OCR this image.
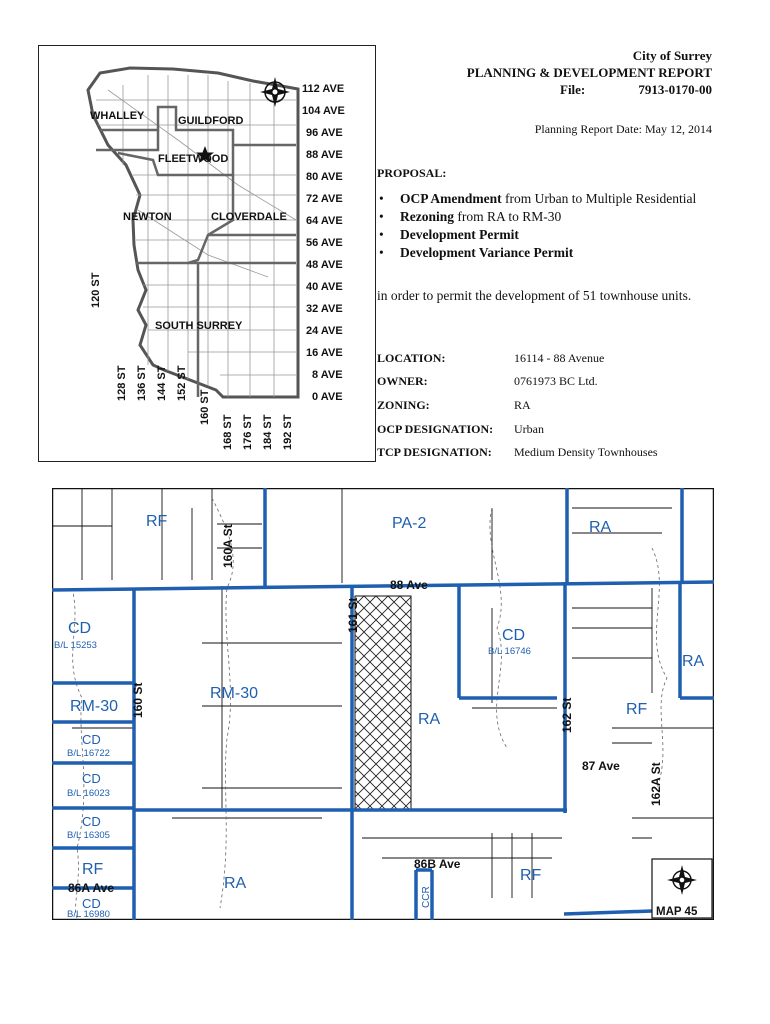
WHALLEY	GUILDFORD
FLEETWOOD
NEWTON	CLOVERDALE
SOUTH SURREY
112 AVE
104 AVE
96 AVE
88 AVE
80 AVE
72 AVE
64 AVE
56 AVE
48 AVE
40 AVE
32 AVE
24 AVE
16 AVE
8 AVE
0 AVE
120 ST
128 ST 136 ST 144 ST 152 ST
160 ST
168 ST 176 ST 184 ST 192 ST
City of Surrey
PLANNING & DEVELOPMENT REPORT
File:	7913-0170-00
Planning Report Date: May 12, 2014
PROPOSAL:
• OCP Amendment from Urban to Multiple Residential
• Rezoning from RA to RM-30
• Development Permit
• Development Variance Permit
in order to permit the development of 51 townhouse units.
LOCATION:	16114 - 88 Avenue
OWNER:	0761973 BC Ltd.
ZONING:	RA
OCP DESIGNATION: Urban
TCP DESIGNATION: Medium Density Townhouses
MAP 45
RF	PA-2	RA
CD
B/L 15253
CD
B/L 16746
RA
RM-30
RM-30
RA
RF
CD
B/L 16722
CD
B/L 16023
CD
B/L 16305
RF
CD
B/L 16980
RA	RF
CCR
160A St
88 Ave
161 St
160 St	162 St
87 Ave 162A St
86B Ave
86A Ave
